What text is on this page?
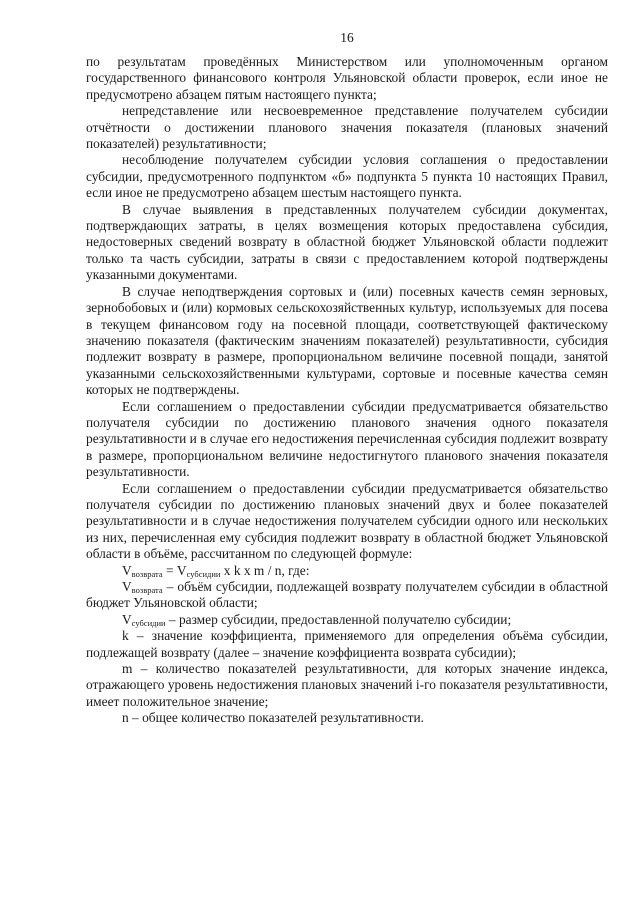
16

по результатам проведённых Министерством или уполномоченным органом государственного финансового контроля Ульяновской области проверок, если иное не предусмотрено абзацем пятым настоящего пункта;

непредставление или несвоевременное представление получателем субсидии отчётности о достижении планового значения показателя (плановых значений показателей) результативности;

несоблюдение получателем субсидии условия соглашения о предоставлении субсидии, предусмотренного подпунктом «б» подпункта 5 пункта 10 настоящих Правил, если иное не предусмотрено абзацем шестым настоящего пункта.

В случае выявления в представленных получателем субсидии документах, подтверждающих затраты, в целях возмещения которых предоставлена субсидия, недостоверных сведений возврату в областной бюджет Ульяновской области подлежит только та часть субсидии, затраты в связи с предоставлением которой подтверждены указанными документами.

В случае неподтверждения сортовых и (или) посевных качеств семян зерновых, зернобобовых и (или) кормовых сельскохозяйственных культур, используемых для посева в текущем финансовом году на посевной площади, соответствующей фактическому значению показателя (фактическим значениям показателей) результативности, субсидия подлежит возврату в размере, пропорциональном величине посевной пощади, занятой указанными сельскохозяйственными культурами, сортовые и посевные качества семян которых не подтверждены.

Если соглашением о предоставлении субсидии предусматривается обязательство получателя субсидии по достижению планового значения одного показателя результативности и в случае его недостижения перечисленная субсидия подлежит возврату в размере, пропорциональном величине недостигнутого планового значения показателя результативности.

Если соглашением о предоставлении субсидии предусматривается обязательство получателя субсидии по достижению плановых значений двух и более показателей результативности и в случае недостижения получателем субсидии одного или нескольких из них, перечисленная ему субсидия подлежит возврату в областной бюджет Ульяновской области в объёме, рассчитанном по следующей формуле:

$V_{возврата} = V_{субсидии}$ x k x m / n, где:

$V_{возврата}$ – объём субсидии, подлежащей возврату получателем субсидии в областной бюджет Ульяновской области;

$V_{субсидии}$ – размер субсидии, предоставленной получателю субсидии;

k – значение коэффициента, применяемого для определения объёма субсидии, подлежащей возврату (далее – значение коэффициента возврата субсидии);

m – количество показателей результативности, для которых значение индекса, отражающего уровень недостижения плановых значений i-го показателя результативности, имеет положительное значение;

n – общее количество показателей результативности.
